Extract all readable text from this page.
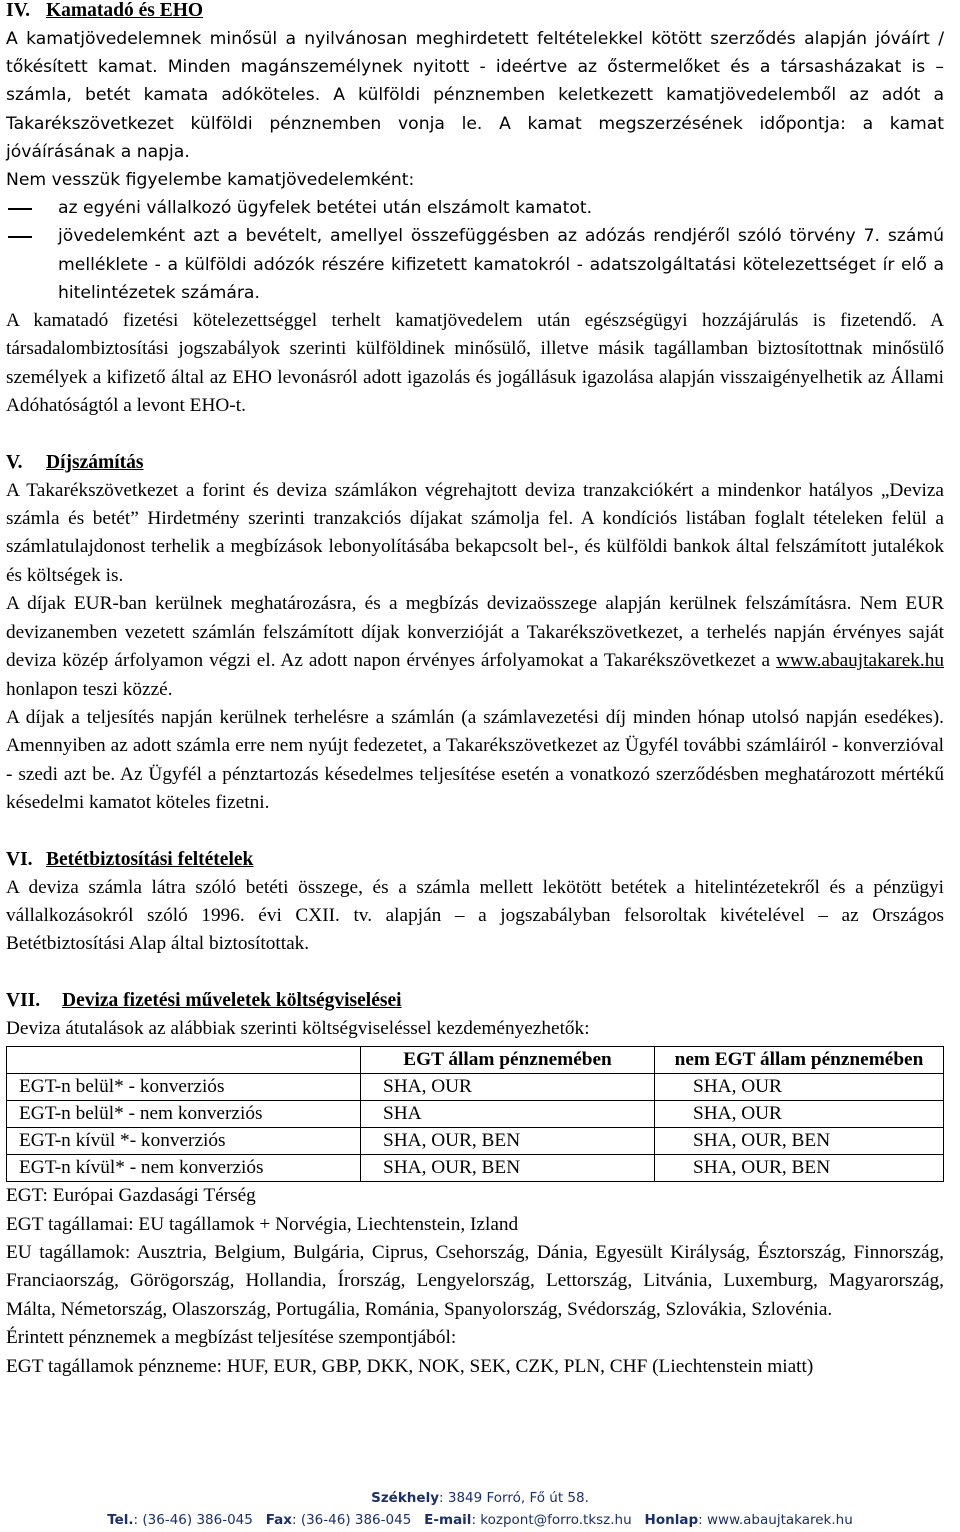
IV. Kamatadó és EHO

A kamatjövedelemnek minősül a nyilvánosan meghirdetett feltételekkel kötött szerződés alapján jóváírt / tőkésített kamat. Minden magánszemélynek nyitott - ideértve az őstermelőket és a társasházakat is – számla, betét kamata adóköteles. A külföldi pénznemben keletkezett kamatjövedelemből az adót a Takarékszövetkezet külföldi pénznemben vonja le. A kamat megszerzésének időpontja: a kamat jóváírásának a napja.

Nem vesszük figyelembe kamatjövedelemként:

az egyéni vállalkozó ügyfelek betétei után elszámolt kamatot.
jövedelemként azt a bevételt, amellyel összefüggésben az adózás rendjéről szóló törvény 7. számú melléklete - a külföldi adózók részére kifizetett kamatokról - adatszolgáltatási kötelezettséget ír elő a hitelintézetek számára.

A kamatadó fizetési kötelezettséggel terhelt kamatjövedelem után egészségügyi hozzájárulás is fizetendő. A társadalombiztosítási jogszabályok szerinti külföldinek minősülő, illetve másik tagállamban biztosítottnak minősülő személyek a kifizető által az EHO levonásról adott igazolás és jogállásuk igazolása alapján visszaigényelhetik az Állami Adóhatóságtól a levont EHO-t.

V. Díjszámítás

A Takarékszövetkezet a forint és deviza számlákon végrehajtott deviza tranzakciókért a mindenkor hatályos „Deviza számla és betét” Hirdetmény szerinti tranzakciós díjakat számolja fel. A kondíciós listában foglalt tételeken felül a számlatulajdonost terhelik a megbízások lebonyolításába bekapcsolt bel-, és külföldi bankok által felszámított jutalékok és költségek is.

A díjak EUR-ban kerülnek meghatározásra, és a megbízás devizaösszege alapján kerülnek felszámításra. Nem EUR devizanemben vezetett számlán felszámított díjak konverzióját a Takarékszövetkezet, a terhelés napján érvényes saját deviza közép árfolyamon végzi el. Az adott napon érvényes árfolyamokat a Takarékszövetkezet a www.abaujtakarek.hu honlapon teszi közzé.

A díjak a teljesítés napján kerülnek terhelésre a számlán (a számlavezetési díj minden hónap utolsó napján esedékes). Amennyiben az adott számla erre nem nyújt fedezetet, a Takarékszövetkezet az Ügyfél további számláiról - konverzióval - szedi azt be. Az Ügyfél a pénztartozás késedelmes teljesítése esetén a vonatkozó szerződésben meghatározott mértékű késedelmi kamatot köteles fizetni.

VI. Betétbiztosítási feltételek

A deviza számla látra szóló betéti összege, és a számla mellett lekötött betétek a hitelintézetekről és a pénzügyi vállalkozásokról szóló 1996. évi CXII. tv. alapján – a jogszabályban felsoroltak kivételével – az Országos Betétbiztosítási Alap által biztosítottak.

VII. Deviza fizetési műveletek költségviselései

Deviza átutalások az alábbiak szerinti költségviseléssel kezdeményezhetők:

	EGT állam pénznemében	nem EGT állam pénznemében
EGT-n belül* - konverziós	SHA, OUR	SHA, OUR
EGT-n belül* - nem konverziós	SHA	SHA, OUR
EGT-n kívül *- konverziós	SHA, OUR, BEN	SHA, OUR, BEN
EGT-n kívül* - nem konverziós	SHA, OUR, BEN	SHA, OUR, BEN

EGT: Európai Gazdasági Térség

EGT tagállamai: EU tagállamok + Norvégia, Liechtenstein, Izland

EU tagállamok: Ausztria, Belgium, Bulgária, Ciprus, Csehország, Dánia, Egyesült Királyság, Észtország, Finnország, Franciaország, Görögország, Hollandia, Írország, Lengyelország, Lettország, Litvánia, Luxemburg, Magyarország, Málta, Németország, Olaszország, Portugália, Románia, Spanyolország, Svédország, Szlovákia, Szlovénia.

Érintett pénznemek a megbízást teljesítése szempontjából:

EGT tagállamok pénzneme: HUF, EUR, GBP, DKK, NOK, SEK, CZK, PLN, CHF (Liechtenstein miatt)

Székhely: 3849 Forró, Fő út 58.
Tel.: (36-46) 386-045 Fax: (36-46) 386-045 E-mail: kozpont@forro.tksz.hu Honlap: www.abaujtakarek.hu
